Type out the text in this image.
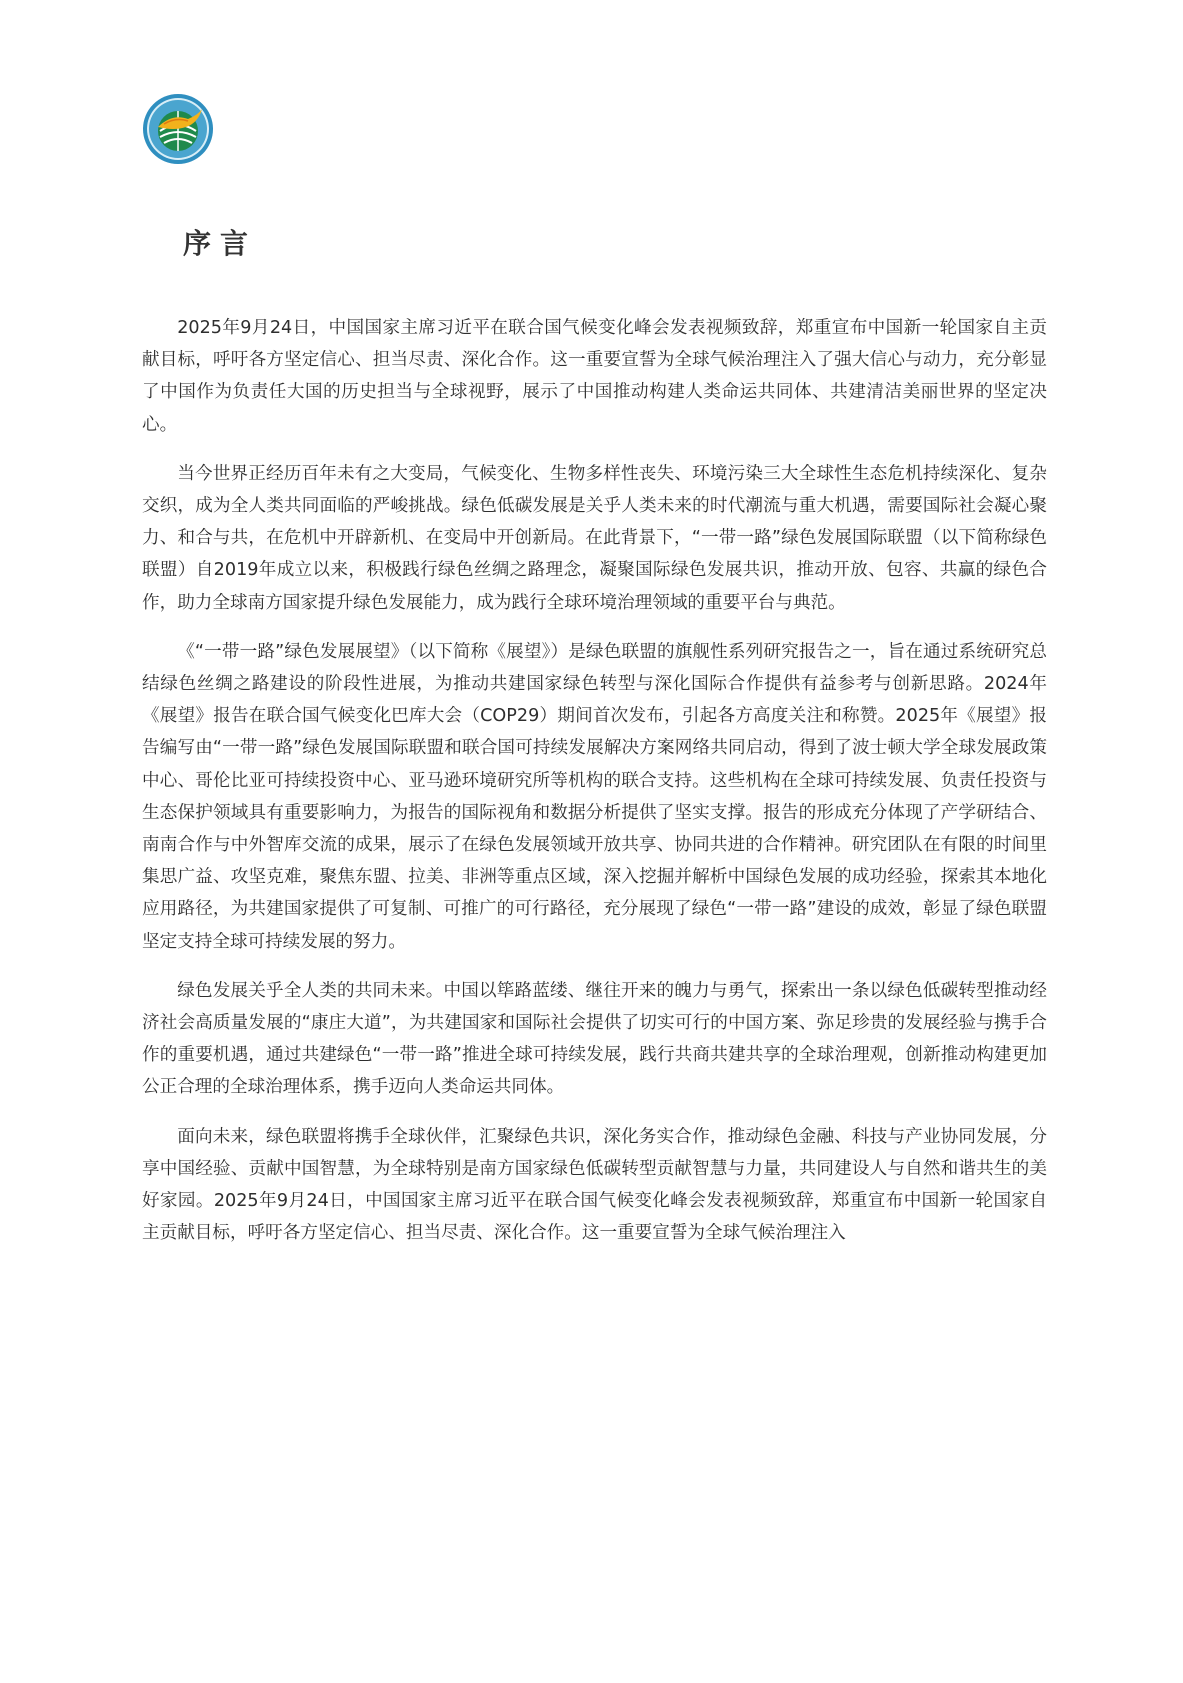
序言

2025年9月24日，中国国家主席习近平在联合国气候变化峰会发表视频致辞，郑重宣布中国新一轮国家自主贡献目标，呼吁各方坚定信心、担当尽责、深化合作。这一重要宣誓为全球气候治理注入了强大信心与动力，充分彰显了中国作为负责任大国的历史担当与全球视野，展示了中国推动构建人类命运共同体、共建清洁美丽世界的坚定决心。

当今世界正经历百年未有之大变局，气候变化、生物多样性丧失、环境污染三大全球性生态危机持续深化、复杂交织，成为全人类共同面临的严峻挑战。绿色低碳发展是关乎人类未来的时代潮流与重大机遇，需要国际社会凝心聚力、和合与共，在危机中开辟新机、在变局中开创新局。在此背景下，“一带一路”绿色发展国际联盟（以下简称绿色联盟）自2019年成立以来，积极践行绿色丝绸之路理念，凝聚国际绿色发展共识，推动开放、包容、共赢的绿色合作，助力全球南方国家提升绿色发展能力，成为践行全球环境治理领域的重要平台与典范。

《“一带一路”绿色发展展望》（以下简称《展望》）是绿色联盟的旗舰性系列研究报告之一，旨在通过系统研究总结绿色丝绸之路建设的阶段性进展，为推动共建国家绿色转型与深化国际合作提供有益参考与创新思路。2024年《展望》报告在联合国气候变化巴库大会（COP29）期间首次发布，引起各方高度关注和称赞。2025年《展望》报告编写由“一带一路”绿色发展国际联盟和联合国可持续发展解决方案网络共同启动，得到了波士顿大学全球发展政策中心、哥伦比亚可持续投资中心、亚马逊环境研究所等机构的联合支持。这些机构在全球可持续发展、负责任投资与生态保护领域具有重要影响力，为报告的国际视角和数据分析提供了坚实支撑。报告的形成充分体现了产学研结合、南南合作与中外智库交流的成果，展示了在绿色发展领域开放共享、协同共进的合作精神。研究团队在有限的时间里集思广益、攻坚克难，聚焦东盟、拉美、非洲等重点区域，深入挖掘并解析中国绿色发展的成功经验，探索其本地化应用路径，为共建国家提供了可复制、可推广的可行路径，充分展现了绿色“一带一路”建设的成效，彰显了绿色联盟坚定支持全球可持续发展的努力。

绿色发展关乎全人类的共同未来。中国以筚路蓝缕、继往开来的魄力与勇气，探索出一条以绿色低碳转型推动经济社会高质量发展的“康庄大道”，为共建国家和国际社会提供了切实可行的中国方案、弥足珍贵的发展经验与携手合作的重要机遇，通过共建绿色“一带一路”推进全球可持续发展，践行共商共建共享的全球治理观，创新推动构建更加公正合理的全球治理体系，携手迈向人类命运共同体。

面向未来，绿色联盟将携手全球伙伴，汇聚绿色共识，深化务实合作，推动绿色金融、科技与产业协同发展，分享中国经验、贡献中国智慧，为全球特别是南方国家绿色低碳转型贡献智慧与力量，共同建设人与自然和谐共生的美好家园。2025年9月24日，中国国家主席习近平在联合国气候变化峰会发表视频致辞，郑重宣布中国新一轮国家自主贡献目标，呼吁各方坚定信心、担当尽责、深化合作。这一重要宣誓为全球气候治理注入
